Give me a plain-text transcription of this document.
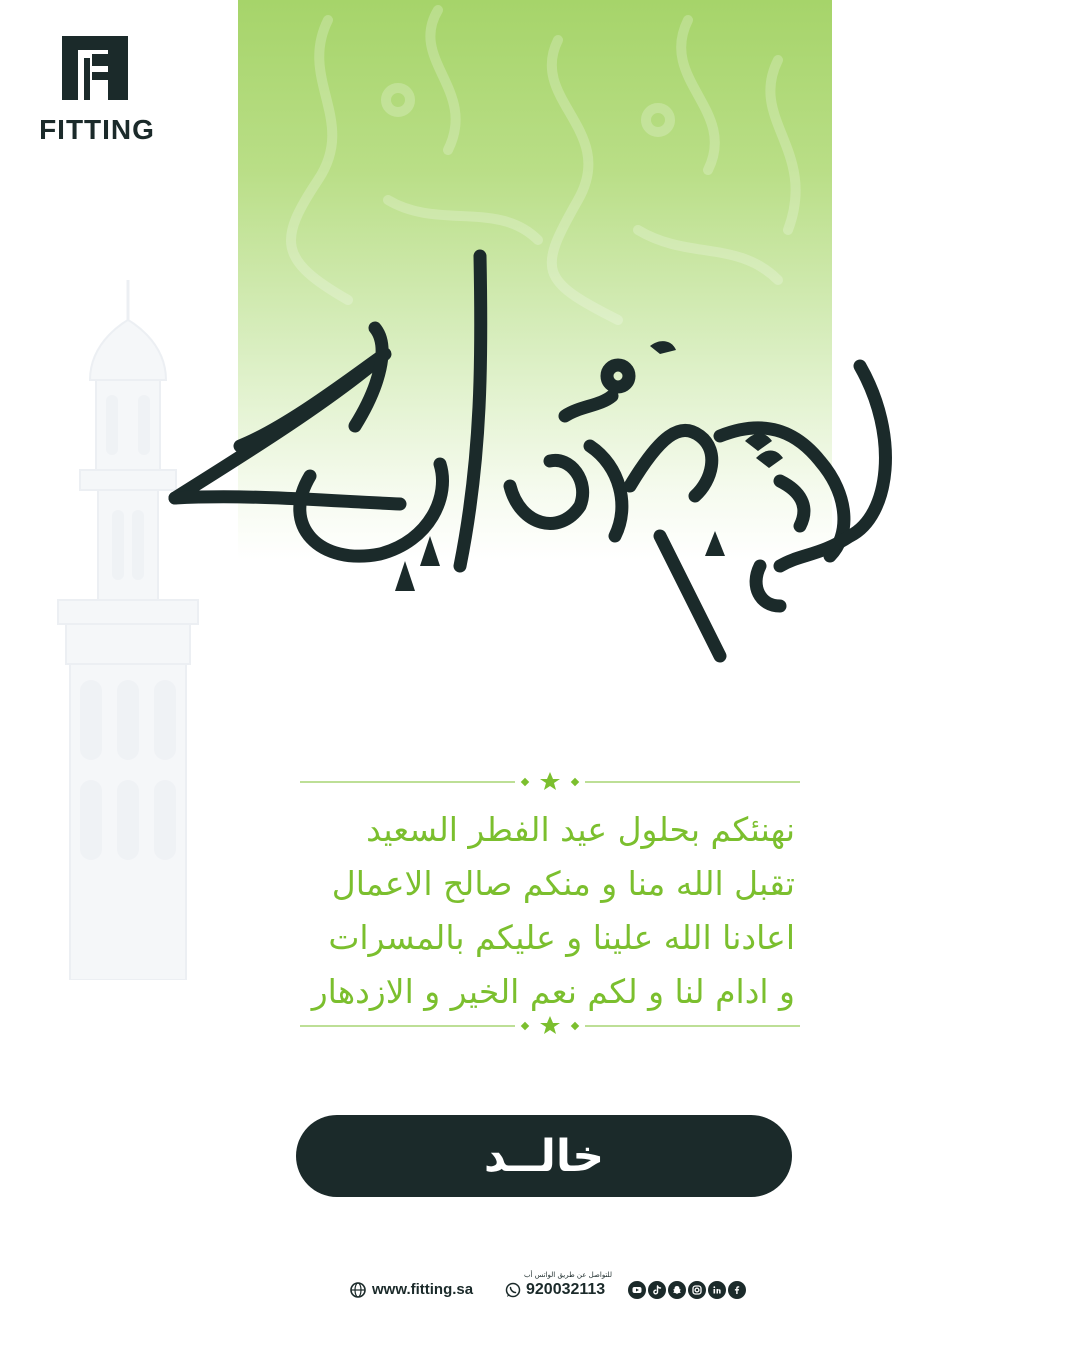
FITTING
عيد مبارك
نهنئكم بحلول عيد الفطر السعيد
تقبل الله منا و منكم صالح الاعمال
اعادنا الله علينا و عليكم بالمسرات
و ادام لنا و لكم نعم الخير و الازدهار
خالــد
www.fitting.sa
للتواصل عن طريق الواتس أب
920032113
